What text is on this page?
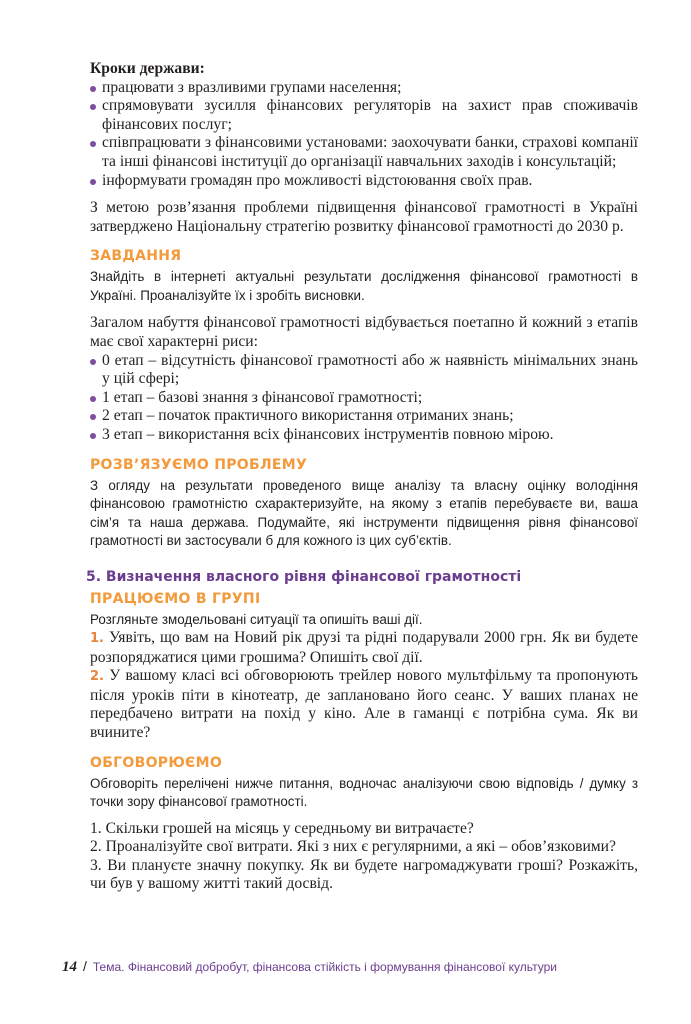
Кроки держави:

працювати з вразливими групами населення;
спрямовувати зусилля фінансових регуляторів на захист прав споживачів фінансових послуг;
співпрацювати з фінансовими установами: заохочувати банки, страхові компанії та інші фінансові інституції до організації навчальних заходів і консультацій;
інформувати громадян про можливості відстоювання своїх прав.

З метою розв’язання проблеми підвищення фінансової грамотності в Україні затверджено Національну стратегію розвитку фінансової грамотності до 2030 р.

ЗАВДАННЯ

Знайдіть в інтернеті актуальні результати дослідження фінансової грамотності в Україні. Проаналізуйте їх і зробіть висновки.

Загалом набуття фінансової грамотності відбувається поетапно й кожний з етапів має свої характерні риси:

0 етап – відсутність фінансової грамотності або ж наявність мінімальних знань у цій сфері;
1 етап – базові знання з фінансової грамотності;
2 етап – початок практичного використання отриманих знань;
3 етап – використання всіх фінансових інструментів повною мірою.
РОЗВ’ЯЗУЄМО ПРОБЛЕМУ

З огляду на результати проведеного вище аналізу та власну оцінку володіння фінансовою грамотністю схарактеризуйте, на якому з етапів перебуваєте ви, ваша сім’я та наша держава. Подумайте, які інструменти підвищення рівня фінансової грамотності ви застосували б для кожного із цих суб’єктів.

5. Визначення власного рівня фінансової грамотності
ПРАЦЮЄМО В ГРУПІ

Розгляньте змодельовані ситуації та опишіть ваші дії.

1. Уявіть, що вам на Новий рік друзі та рідні подарували 2000 грн. Як ви будете розпоряджатися цими грошима? Опишіть свої дії.

2. У вашому класі всі обговорюють трейлер нового мультфільму та пропонують після уроків піти в кінотеатр, де заплановано його сеанс. У ваших планах не передбачено витрати на похід у кіно. Але в гаманці є потрібна сума. Як ви вчините?

ОБГОВОРЮЄМО

Обговоріть перелічені нижче питання, водночас аналізуючи свою відповідь / думку з точки зору фінансової грамотності.

1. Скільки грошей на місяць у середньому ви витрачаєте?

2. Проаналізуйте свої витрати. Які з них є регулярними, а які – обов’язковими?

3. Ви плануєте значну покупку. Як ви будете нагромаджувати гроші? Розкажіть, чи був у вашому житті такий досвід.

14 / Тема. Фінансовий добробут, фінансова стійкість і формування фінансової культури
